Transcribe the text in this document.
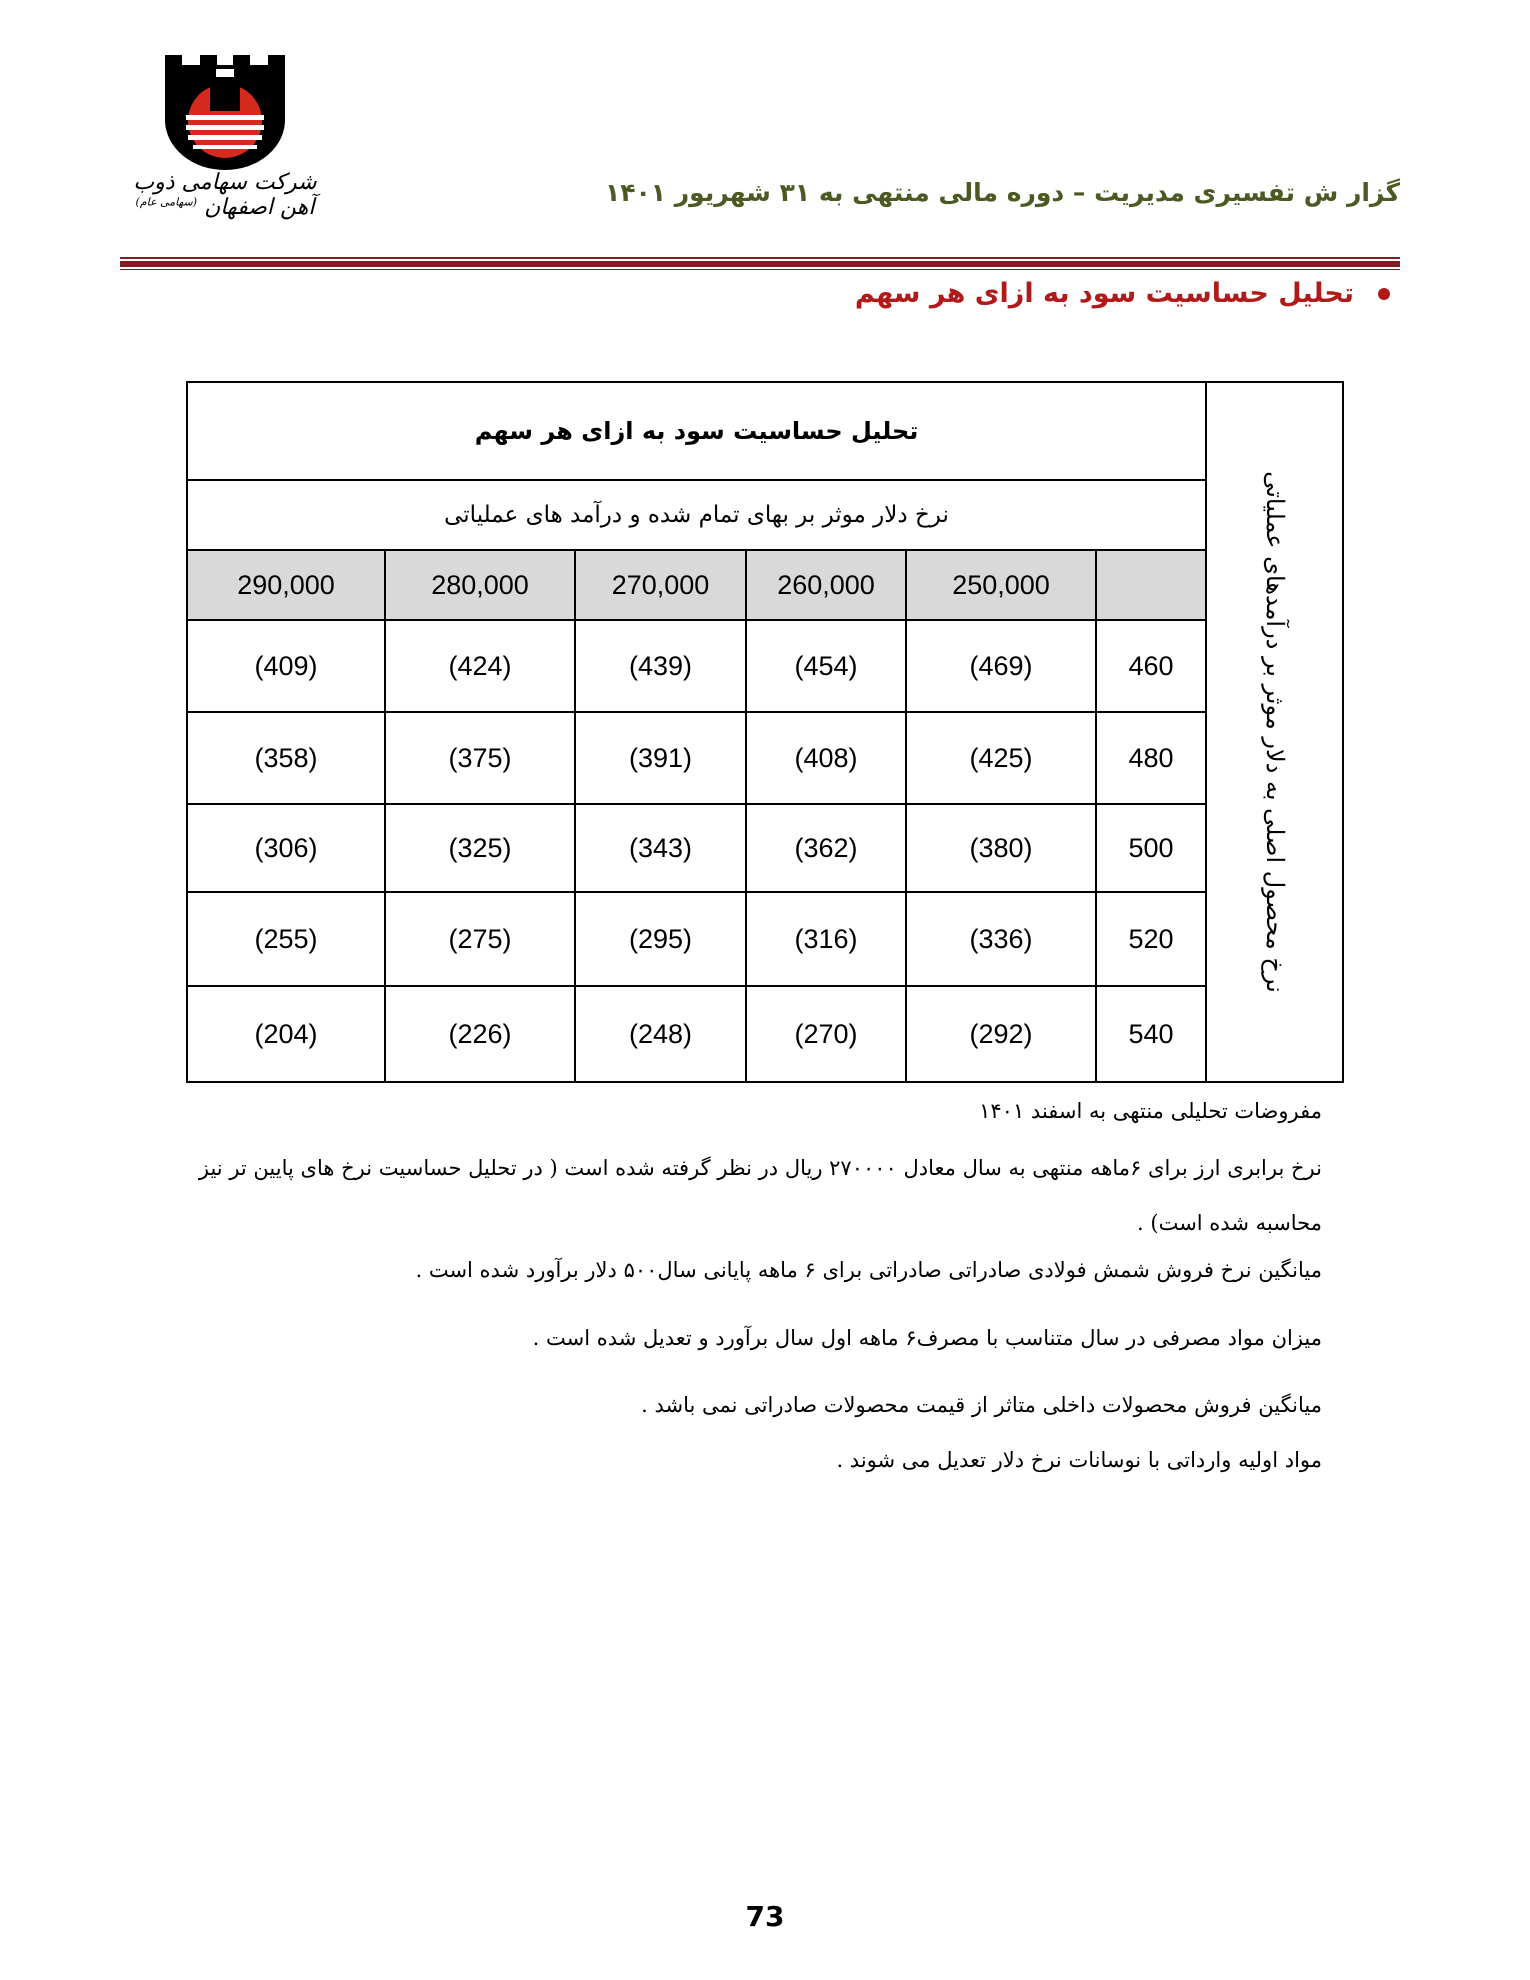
شرکت سهامی ذوب آهن اصفهان $^{(سهامی عام)}$	گزار ش تفسیری مدیریت – دوره مالی منتهی به ۳۱ شهریور ۱۴۰۱
تحلیل حساسیت سود به ازای هر سهم
تحلیل حساسیت سود به ازای هر سهم						نرخ محصول اصلی به دلار موثر بر درآمدهای عملیاتی

نرخ دلار موثر بر بهای تمام شده و درآمد های عملیاتی						
290,000	280,000	270,000	260,000	250,000		
(409)	(424)	(439)	(454)	(469)	460	
(358)	(375)	(391)	(408)	(425)	480	
(306)	(325)	(343)	(362)	(380)	500	
(255)	(275)	(295)	(316)	(336)	520	
(204)	(226)	(248)	(270)	(292)	540	

مفروضات تحلیلی منتهی به اسفند ۱۴۰۱

نرخ برابری ارز برای ۶ماهه منتهی به سال معادل ۲۷۰۰۰۰ ریال در نظر گرفته شده است ( در تحلیل حساسیت نرخ های پایین تر نیز محاسبه شده است) .

میانگین نرخ فروش شمش فولادی صادراتی صادراتی برای ۶ ماهه پایانی سال۵۰۰ دلار برآورد شده است .

میزان مواد مصرفی در سال متناسب با مصرف۶ ماهه اول سال برآورد و تعدیل شده است .

میانگین فروش محصولات داخلی متاثر از قیمت محصولات صادراتی نمی باشد .

مواد اولیه وارداتی با نوسانات نرخ دلار تعدیل می شوند .

73
